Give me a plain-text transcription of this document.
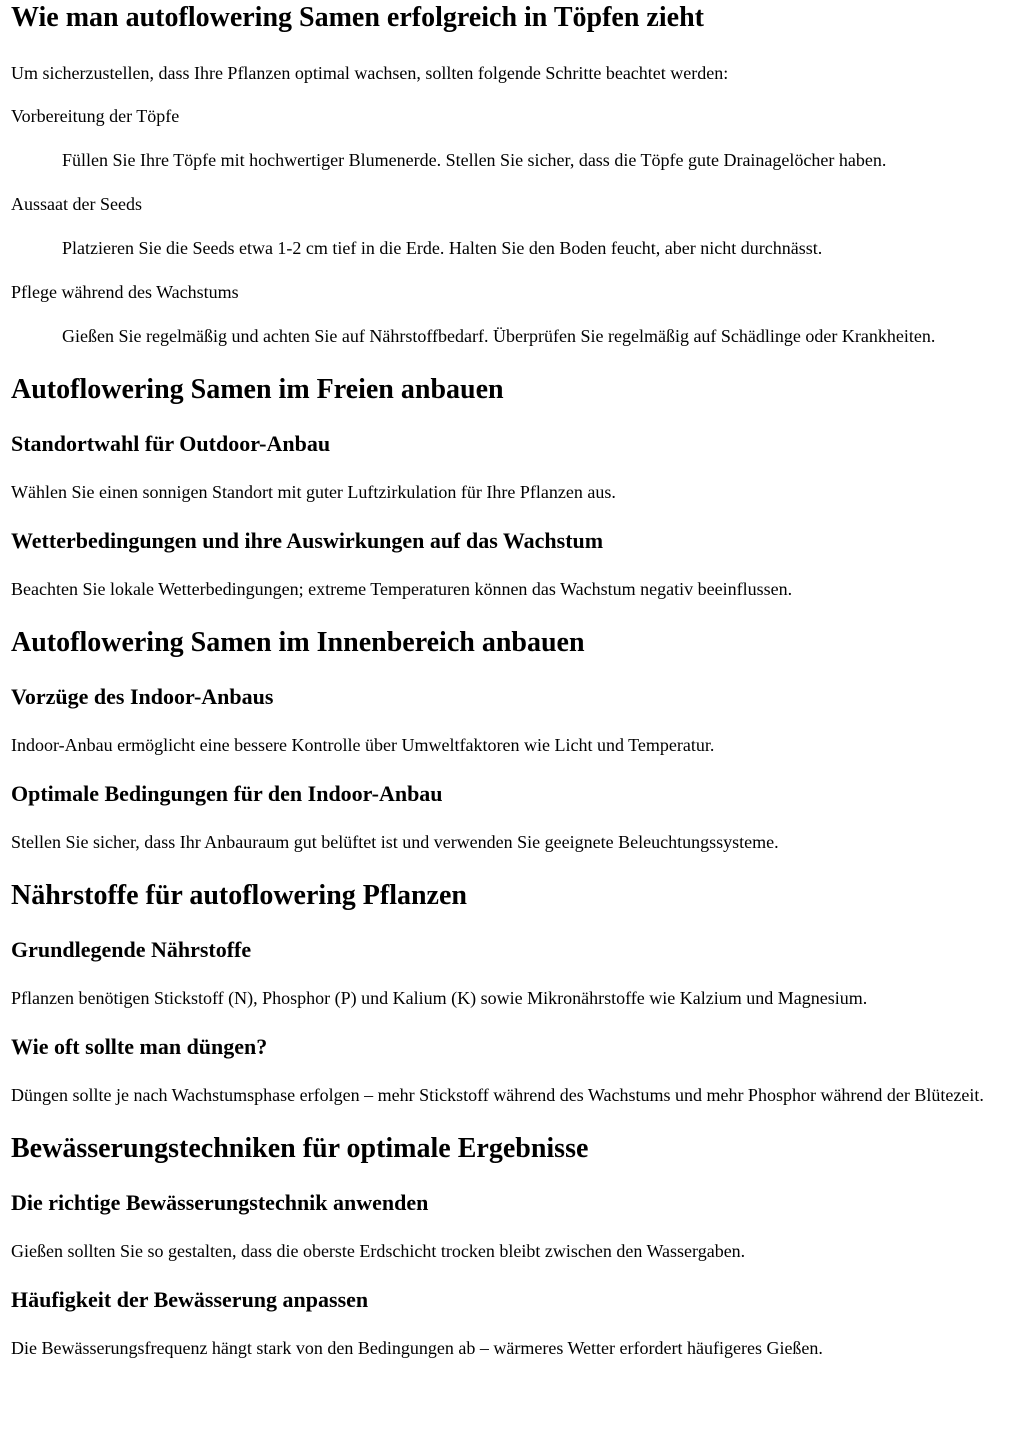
Wie man autoflowering Samen erfolgreich in Töpfen zieht

Um sicherzustellen, dass Ihre Pflanzen optimal wachsen, sollten folgende Schritte beachtet werden:

Vorbereitung der Töpfe
Füllen Sie Ihre Töpfe mit hochwertiger Blumenerde. Stellen Sie sicher, dass die Töpfe gute Drainagelöcher haben.
Aussaat der Seeds
Platzieren Sie die Seeds etwa 1-2 cm tief in die Erde. Halten Sie den Boden feucht, aber nicht durchnässt.
Pflege während des Wachstums
Gießen Sie regelmäßig und achten Sie auf Nährstoffbedarf. Überprüfen Sie regelmäßig auf Schädlinge oder Krankheiten.
Autoflowering Samen im Freien anbauen
Standortwahl für Outdoor-Anbau

Wählen Sie einen sonnigen Standort mit guter Luftzirkulation für Ihre Pflanzen aus.

Wetterbedingungen und ihre Auswirkungen auf das Wachstum

Beachten Sie lokale Wetterbedingungen; extreme Temperaturen können das Wachstum negativ beeinflussen.

Autoflowering Samen im Innenbereich anbauen
Vorzüge des Indoor-Anbaus

Indoor-Anbau ermöglicht eine bessere Kontrolle über Umweltfaktoren wie Licht und Temperatur.

Optimale Bedingungen für den Indoor-Anbau

Stellen Sie sicher, dass Ihr Anbauraum gut belüftet ist und verwenden Sie geeignete Beleuchtungssysteme.

Nährstoffe für autoflowering Pflanzen
Grundlegende Nährstoffe

Pflanzen benötigen Stickstoff (N), Phosphor (P) und Kalium (K) sowie Mikronährstoffe wie Kalzium und Magnesium.

Wie oft sollte man düngen?

Düngen sollte je nach Wachstumsphase erfolgen – mehr Stickstoff während des Wachstums und mehr Phosphor während der Blütezeit.

Bewässerungstechniken für optimale Ergebnisse
Die richtige Bewässerungstechnik anwenden

Gießen sollten Sie so gestalten, dass die oberste Erdschicht trocken bleibt zwischen den Wassergaben.

Häufigkeit der Bewässerung anpassen

Die Bewässerungsfrequenz hängt stark von den Bedingungen ab – wärmeres Wetter erfordert häufigeres Gießen.
